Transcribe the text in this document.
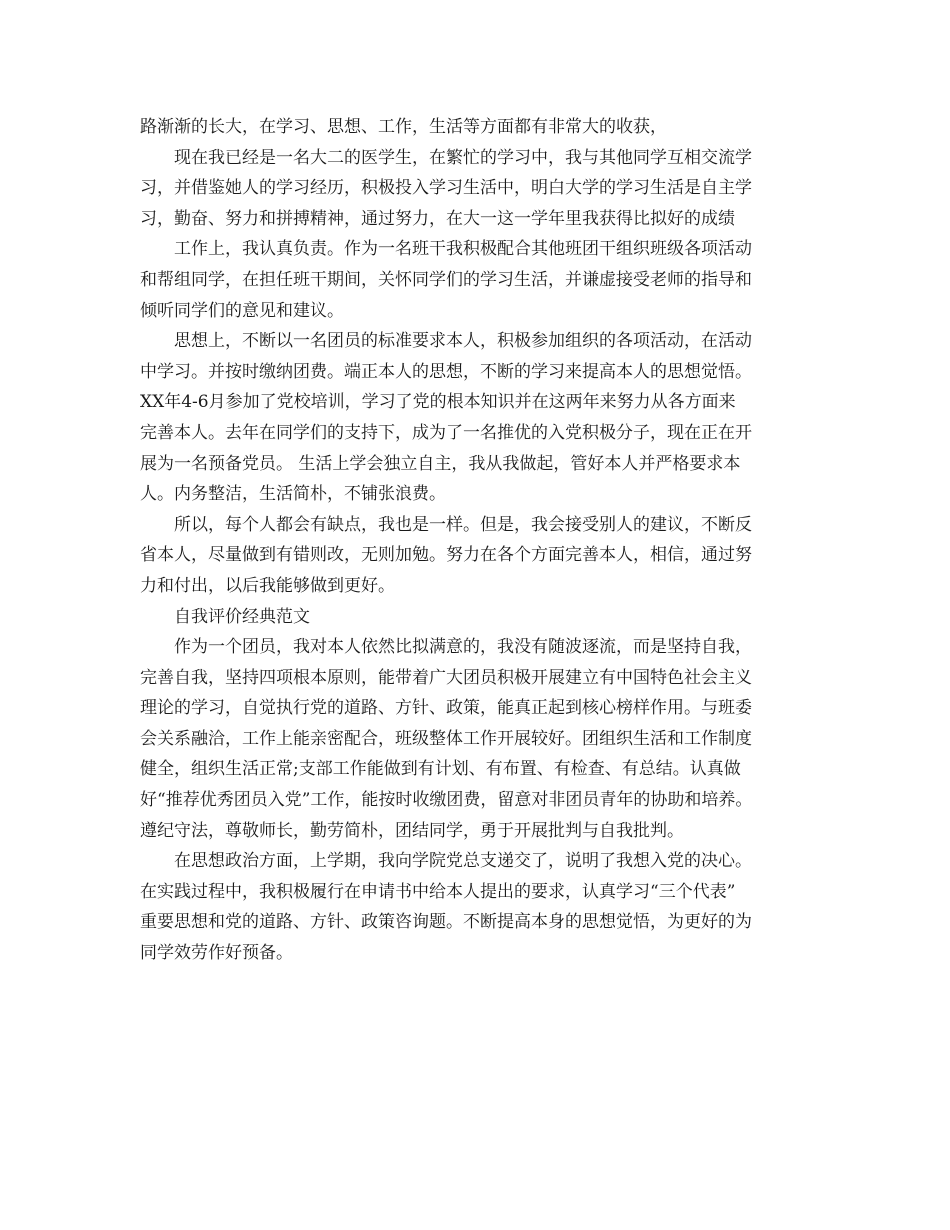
路渐渐的长大，在学习、思想、工作，生活等方面都有非常大的收获，
现在我已经是一名大二的医学生，在繁忙的学习中，我与其他同学互相交流学
习，并借鉴她人的学习经历，积极投入学习生活中，明白大学的学习生活是自主学
习，勤奋、努力和拼搏精神，通过努力，在大一这一学年里我获得比拟好的成绩
工作上，我认真负责。作为一名班干我积极配合其他班团干组织班级各项活动
和帮组同学，在担任班干期间，关怀同学们的学习生活，并谦虚接受老师的指导和
倾听同学们的意见和建议。
思想上，不断以一名团员的标准要求本人，积极参加组织的各项活动，在活动
中学习。并按时缴纳团费。端正本人的思想，不断的学习来提高本人的思想觉悟。
XX年4-6月参加了党校培训，学习了党的根本知识并在这两年来努力从各方面来
完善本人。去年在同学们的支持下，成为了一名推优的入党积极分子，现在正在开
展为一名预备党员。 生活上学会独立自主，我从我做起，管好本人并严格要求本
人。内务整洁，生活简朴，不铺张浪费。
所以，每个人都会有缺点，我也是一样。但是，我会接受别人的建议，不断反
省本人，尽量做到有错则改，无则加勉。努力在各个方面完善本人，相信，通过努
力和付出，以后我能够做到更好。
自我评价经典范文
作为一个团员，我对本人依然比拟满意的，我没有随波逐流，而是坚持自我，
完善自我，坚持四项根本原则，能带着广大团员积极开展建立有中国特色社会主义
理论的学习，自觉执行党的道路、方针、政策，能真正起到核心榜样作用。与班委
会关系融洽，工作上能亲密配合，班级整体工作开展较好。团组织生活和工作制度
健全，组织生活正常;支部工作能做到有计划、有布置、有检查、有总结。认真做
好“推荐优秀团员入党”工作，能按时收缴团费，留意对非团员青年的协助和培养。
遵纪守法，尊敬师长，勤劳简朴，团结同学，勇于开展批判与自我批判。
在思想政治方面，上学期，我向学院党总支递交了，说明了我想入党的决心。
在实践过程中，我积极履行在申请书中给本人提出的要求，认真学习“三个代表”
重要思想和党的道路、方针、政策咨询题。不断提高本身的思想觉悟，为更好的为
同学效劳作好预备。
